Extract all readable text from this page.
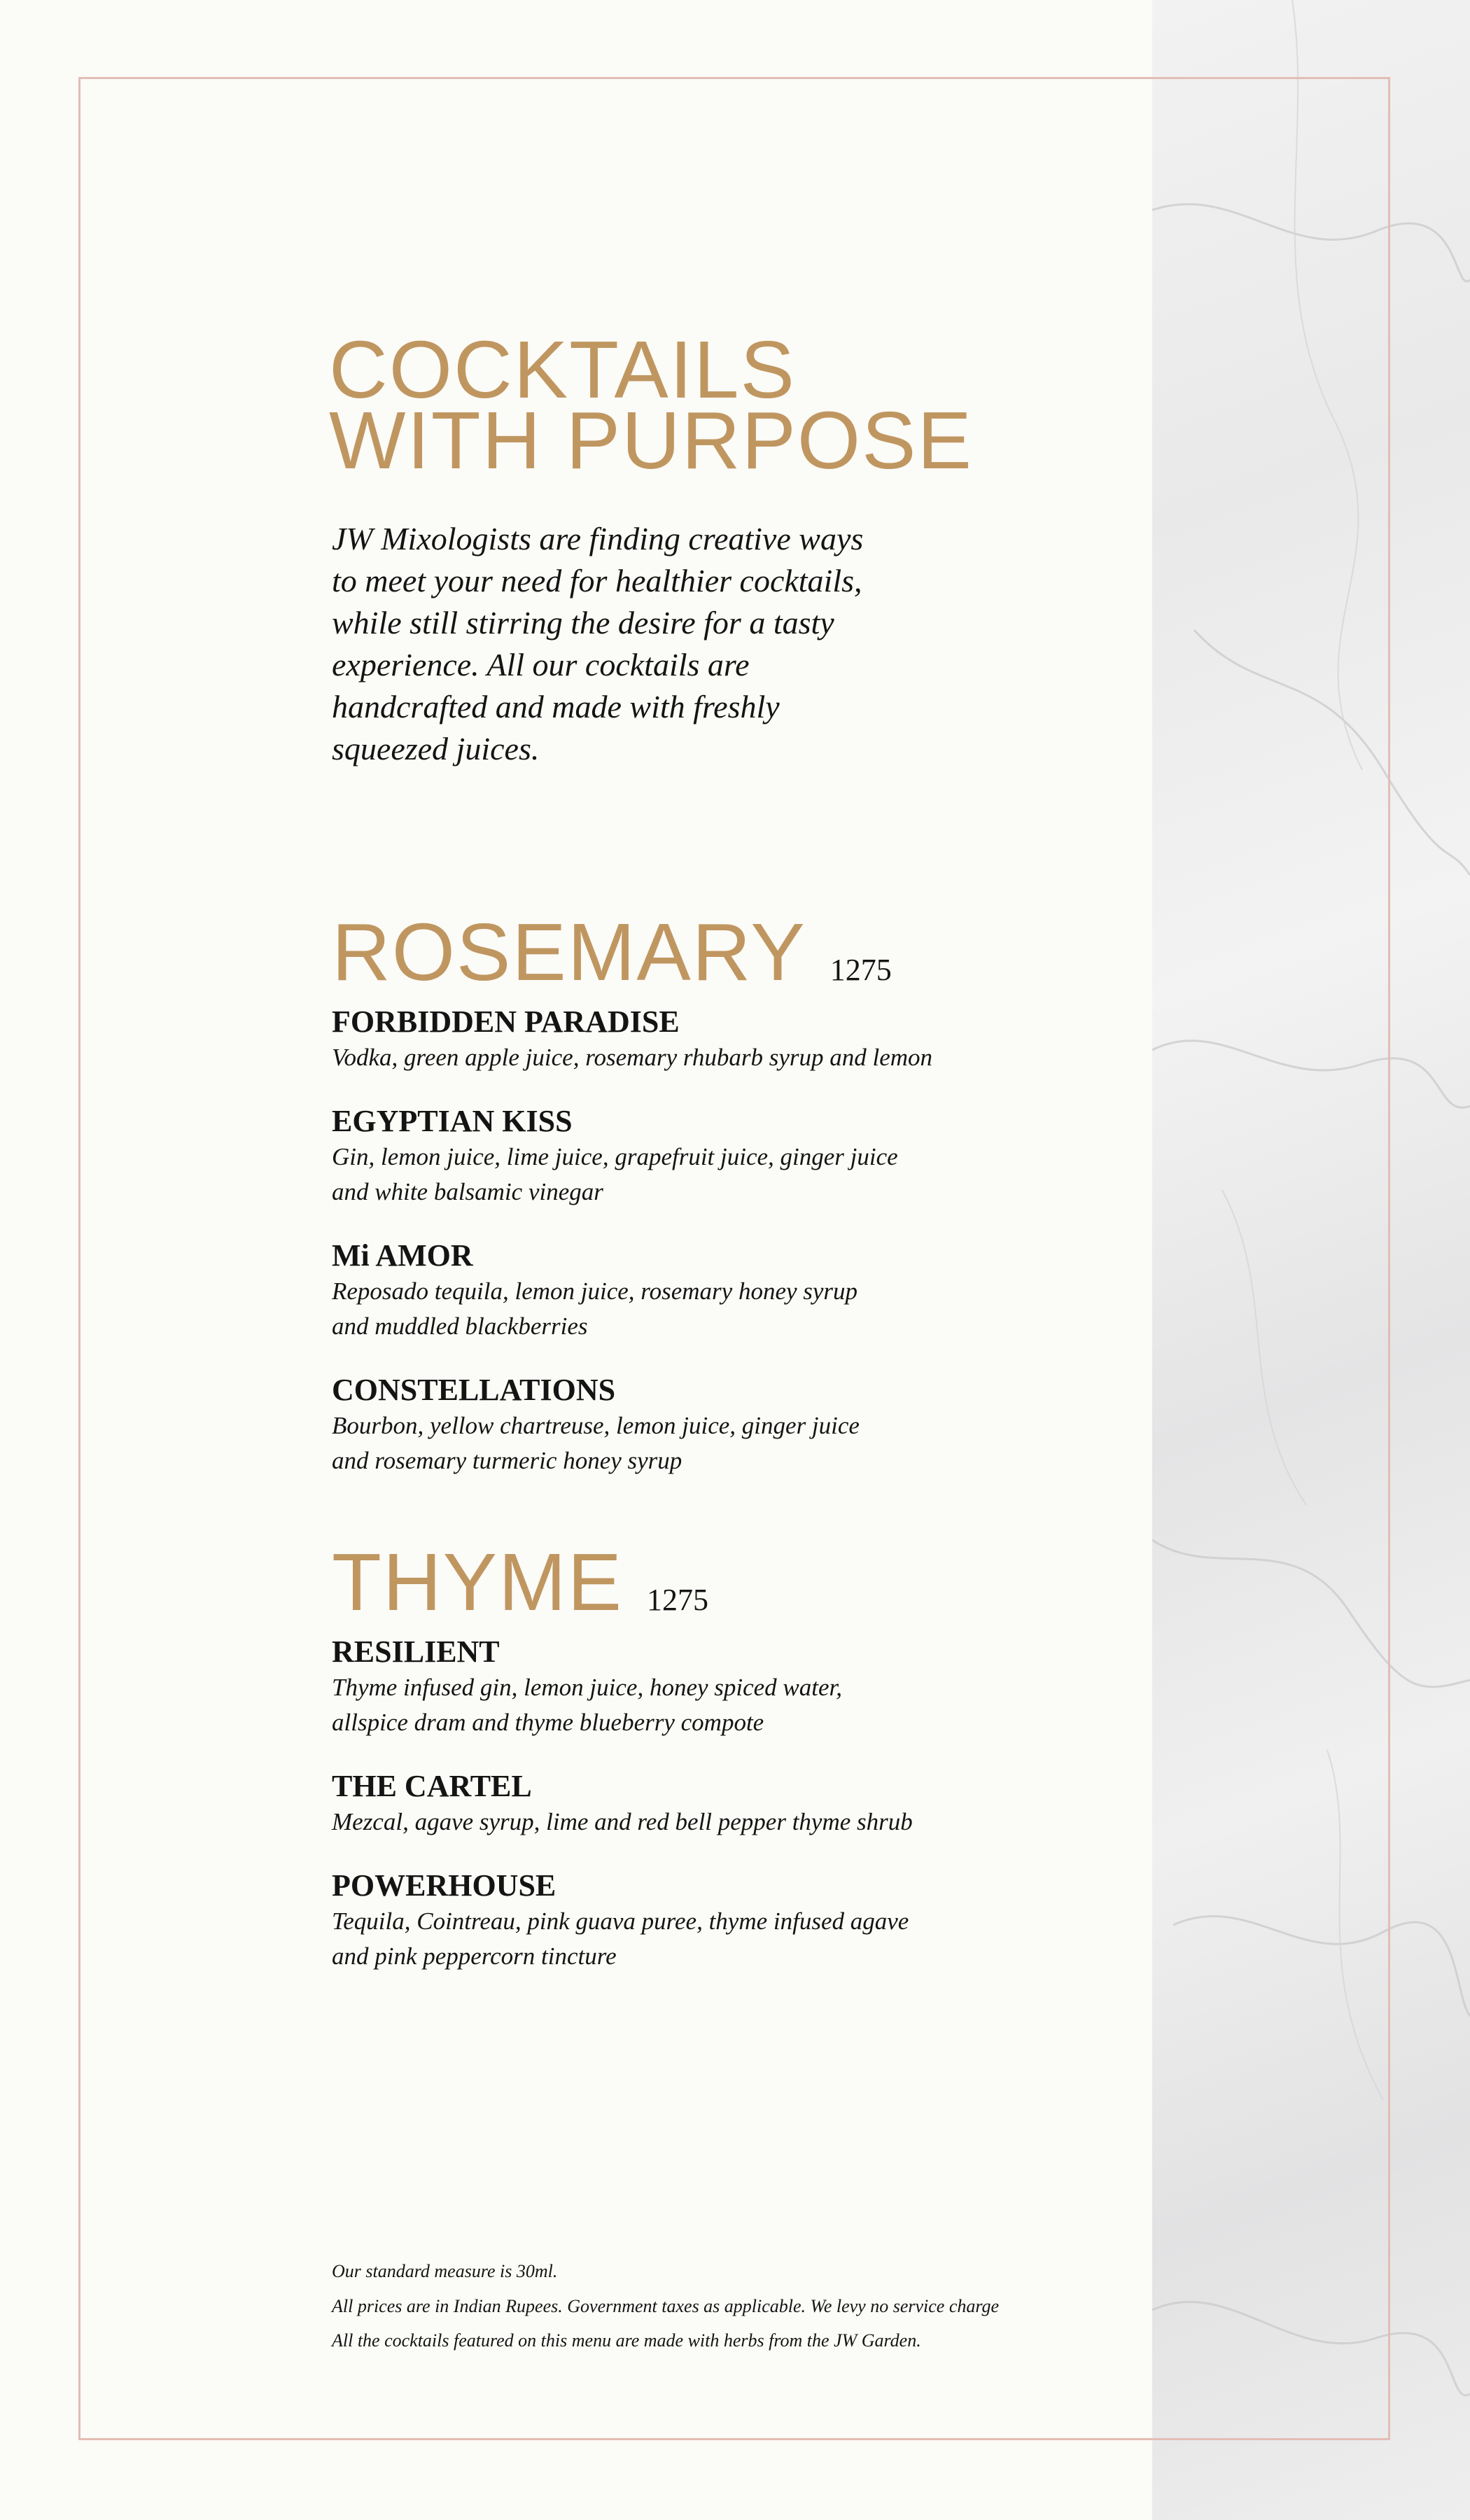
COCKTAILS
WITH PURPOSE
JW Mixologists are finding creative ways
to meet your need for healthier cocktails,
while still stirring the desire for a tasty
experience. All our cocktails are
handcrafted and made with freshly
squeezed juices.
ROSEMARY 1275
FORBIDDEN PARADISE
Vodka, green apple juice, rosemary rhubarb syrup and lemon
EGYPTIAN KISS
Gin, lemon juice, lime juice, grapefruit juice, ginger juice
and white balsamic vinegar
Mi AMOR
Reposado tequila, lemon juice, rosemary honey syrup
and muddled blackberries
CONSTELLATIONS
Bourbon, yellow chartreuse, lemon juice, ginger juice
and rosemary turmeric honey syrup
THYME 1275
RESILIENT
Thyme infused gin, lemon juice, honey spiced water,
allspice dram and thyme blueberry compote
THE CARTEL
Mezcal, agave syrup, lime and red bell pepper thyme shrub
POWERHOUSE
Tequila, Cointreau, pink guava puree, thyme infused agave
and pink peppercorn tincture
Our standard measure is 30ml.
All prices are in Indian Rupees. Government taxes as applicable. We levy no service charge
All the cocktails featured on this menu are made with herbs from the JW Garden.
